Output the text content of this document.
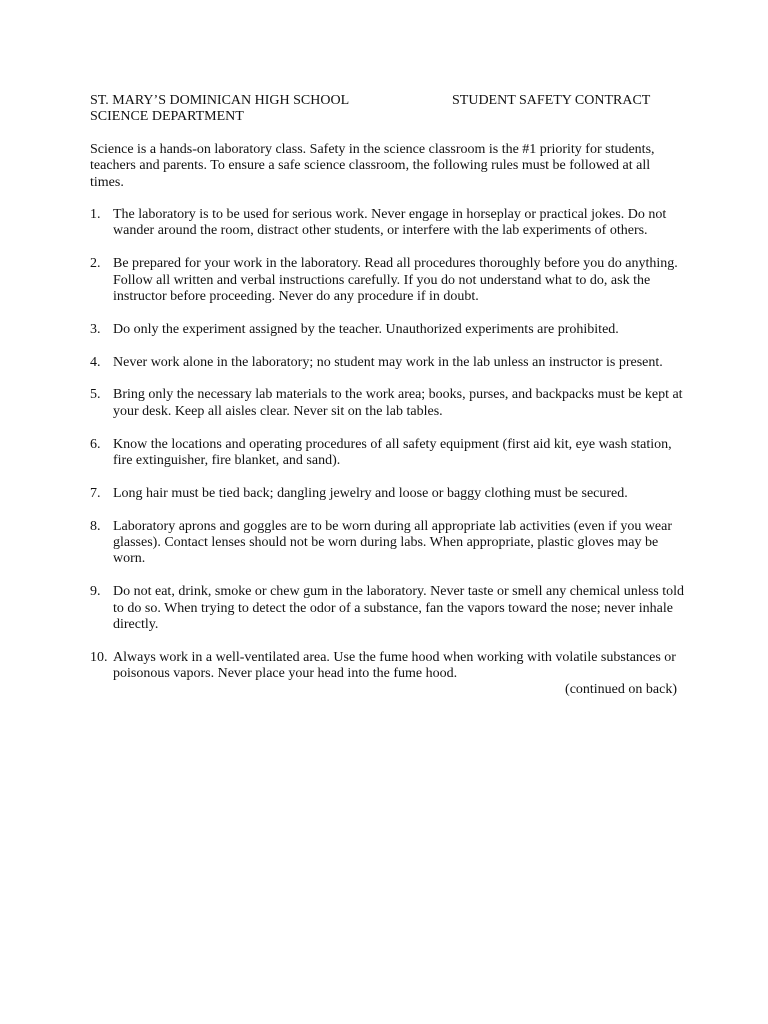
ST. MARY’S DOMINICAN HIGH SCHOOL	STUDENT SAFETY CONTRACT
SCIENCE DEPARTMENT

Science is a hands-on laboratory class. Safety in the science classroom is the #1 priority for students, teachers and parents. To ensure a safe science classroom, the following rules must be followed at all times.

1. The laboratory is to be used for serious work. Never engage in horseplay or practical jokes. Do not wander around the room, distract other students, or interfere with the lab experiments of others.
2. Be prepared for your work in the laboratory. Read all procedures thoroughly before you do anything. Follow all written and verbal instructions carefully. If you do not understand what to do, ask the instructor before proceeding. Never do any procedure if in doubt.
3. Do only the experiment assigned by the teacher. Unauthorized experiments are prohibited.
4. Never work alone in the laboratory; no student may work in the lab unless an instructor is present.
5. Bring only the necessary lab materials to the work area; books, purses, and backpacks must be kept at your desk. Keep all aisles clear. Never sit on the lab tables.
6. Know the locations and operating procedures of all safety equipment (first aid kit, eye wash station, fire extinguisher, fire blanket, and sand).
7. Long hair must be tied back; dangling jewelry and loose or baggy clothing must be secured.
8. Laboratory aprons and goggles are to be worn during all appropriate lab activities (even if you wear glasses). Contact lenses should not be worn during labs. When appropriate, plastic gloves may be worn.
9. Do not eat, drink, smoke or chew gum in the laboratory. Never taste or smell any chemical unless told to do so. When trying to detect the odor of a substance, fan the vapors toward the nose; never inhale directly.
10. Always work in a well-ventilated area. Use the fume hood when working with volatile substances or poisonous vapors. Never place your head into the fume hood.
(continued on back)
